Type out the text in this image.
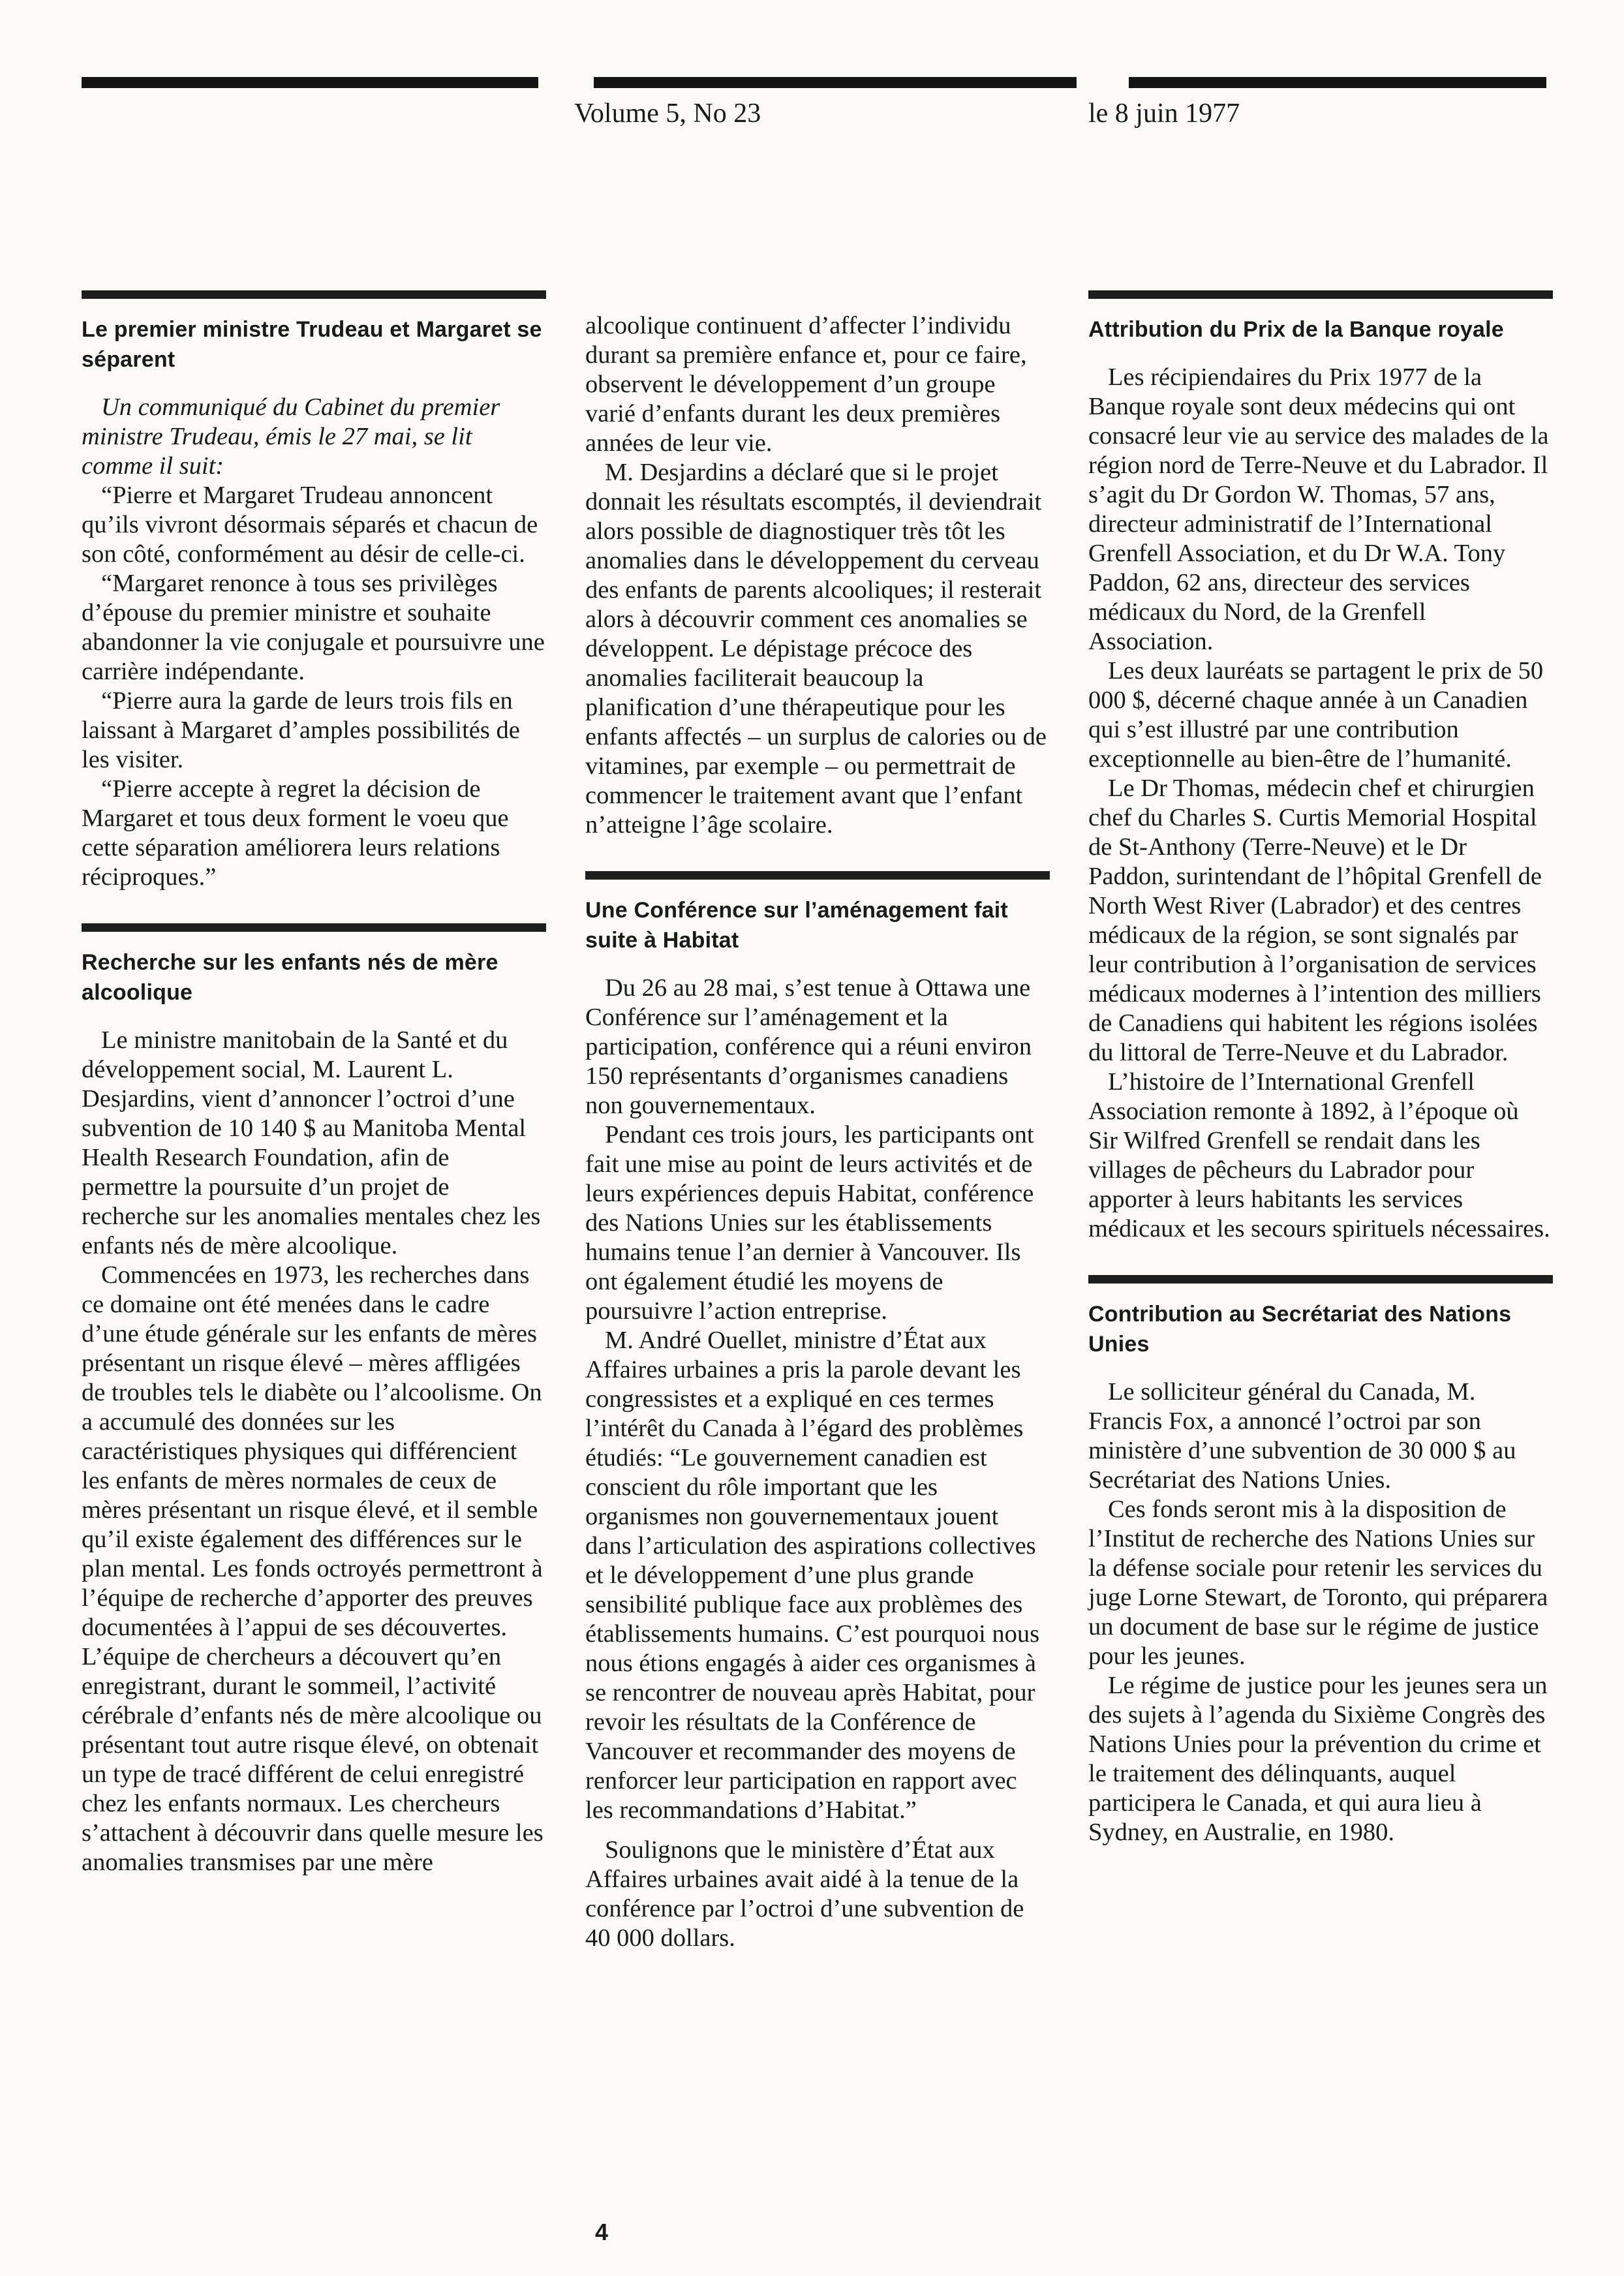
Volume 5, No 23	le 8 juin 1977
Le premier ministre Trudeau et Margaret se séparent

Un communiqué du Cabinet du premier ministre Trudeau, émis le 27 mai, se lit comme il suit:

“Pierre et Margaret Trudeau annoncent qu’ils vivront désormais séparés et chacun de son côté, conformément au désir de celle-ci.

“Margaret renonce à tous ses privilèges d’épouse du premier ministre et souhaite abandonner la vie conjugale et poursuivre une carrière indépendante.

“Pierre aura la garde de leurs trois fils en laissant à Margaret d’amples possibilités de les visiter.

“Pierre accepte à regret la décision de Margaret et tous deux forment le voeu que cette séparation améliorera leurs relations réciproques.”

Recherche sur les enfants nés de mère alcoolique

Le ministre manitobain de la Santé et du développement social, M. Laurent L. Desjardins, vient d’annoncer l’octroi d’une subvention de 10 140 $ au Manitoba Mental Health Research Foundation, afin de permettre la poursuite d’un projet de recherche sur les anomalies mentales chez les enfants nés de mère alcoolique.

Commencées en 1973, les recherches dans ce domaine ont été menées dans le cadre d’une étude générale sur les enfants de mères présentant un risque élevé – mères affligées de troubles tels le diabète ou l’alcoolisme. On a accumulé des données sur les caractéristiques physiques qui différencient les enfants de mères normales de ceux de mères présentant un risque élevé, et il semble qu’il existe également des différences sur le plan mental. Les fonds octroyés permettront à l’équipe de recherche d’apporter des preuves documentées à l’appui de ses découvertes. L’équipe de chercheurs a découvert qu’en enregistrant, durant le sommeil, l’activité cérébrale d’enfants nés de mère alcoolique ou présentant tout autre risque élevé, on obtenait un type de tracé différent de celui enregistré chez les enfants normaux. Les chercheurs s’attachent à découvrir dans quelle mesure les anomalies transmises par une mère

alcoolique continuent d’affecter l’individu durant sa première enfance et, pour ce faire, observent le développement d’un groupe varié d’enfants durant les deux premières années de leur vie.

M. Desjardins a déclaré que si le projet donnait les résultats escomptés, il deviendrait alors possible de diagnostiquer très tôt les anomalies dans le développement du cerveau des enfants de parents alcooliques; il resterait alors à découvrir comment ces anomalies se développent. Le dépistage précoce des anomalies faciliterait beaucoup la planification d’une thérapeutique pour les enfants affectés – un surplus de calories ou de vitamines, par exemple – ou permettrait de commencer le traitement avant que l’enfant n’atteigne l’âge scolaire.

Une Conférence sur l’aménagement fait suite à Habitat

Du 26 au 28 mai, s’est tenue à Ottawa une Conférence sur l’aménagement et la participation, conférence qui a réuni environ 150 représentants d’organismes canadiens non gouvernementaux.

Pendant ces trois jours, les participants ont fait une mise au point de leurs activités et de leurs expériences depuis Habitat, conférence des Nations Unies sur les établissements humains tenue l’an dernier à Vancouver. Ils ont également étudié les moyens de poursuivre l’action entreprise.

M. André Ouellet, ministre d’État aux Affaires urbaines a pris la parole devant les congressistes et a expliqué en ces termes l’intérêt du Canada à l’égard des problèmes étudiés: “Le gouvernement canadien est conscient du rôle important que les organismes non gouvernementaux jouent dans l’articulation des aspirations collectives et le développement d’une plus grande sensibilité publique face aux problèmes des établissements humains. C’est pourquoi nous nous étions engagés à aider ces organismes à se rencontrer de nouveau après Habitat, pour revoir les résultats de la Conférence de Vancouver et recommander des moyens de renforcer leur participation en rapport avec les recommandations d’Habitat.”

Soulignons que le ministère d’État aux Affaires urbaines avait aidé à la tenue de la conférence par l’octroi d’une subvention de 40 000 dollars.

Attribution du Prix de la Banque royale

Les récipiendaires du Prix 1977 de la Banque royale sont deux médecins qui ont consacré leur vie au service des malades de la région nord de Terre-Neuve et du Labrador. Il s’agit du Dr Gordon W. Thomas, 57 ans, directeur administratif de l’International Grenfell Association, et du Dr W.A. Tony Paddon, 62 ans, directeur des services médicaux du Nord, de la Grenfell Association.

Les deux lauréats se partagent le prix de 50 000 $, décerné chaque année à un Canadien qui s’est illustré par une contribution exceptionnelle au bien-être de l’humanité.

Le Dr Thomas, médecin chef et chirurgien chef du Charles S. Curtis Memorial Hospital de St-Anthony (Terre-Neuve) et le Dr Paddon, surintendant de l’hôpital Grenfell de North West River (Labrador) et des centres médicaux de la région, se sont signalés par leur contribution à l’organisation de services médicaux modernes à l’intention des milliers de Canadiens qui habitent les régions isolées du littoral de Terre-Neuve et du Labrador.

L’histoire de l’International Grenfell Association remonte à 1892, à l’époque où Sir Wilfred Grenfell se rendait dans les villages de pêcheurs du Labrador pour apporter à leurs habitants les services médicaux et les secours spirituels nécessaires.

Contribution au Secrétariat des Nations Unies

Le solliciteur général du Canada, M. Francis Fox, a annoncé l’octroi par son ministère d’une subvention de 30 000 $ au Secrétariat des Nations Unies.

Ces fonds seront mis à la disposition de l’Institut de recherche des Nations Unies sur la défense sociale pour retenir les services du juge Lorne Stewart, de Toronto, qui préparera un document de base sur le régime de justice pour les jeunes.

Le régime de justice pour les jeunes sera un des sujets à l’agenda du Sixième Congrès des Nations Unies pour la prévention du crime et le traitement des délinquants, auquel participera le Canada, et qui aura lieu à Sydney, en Australie, en 1980.

4
